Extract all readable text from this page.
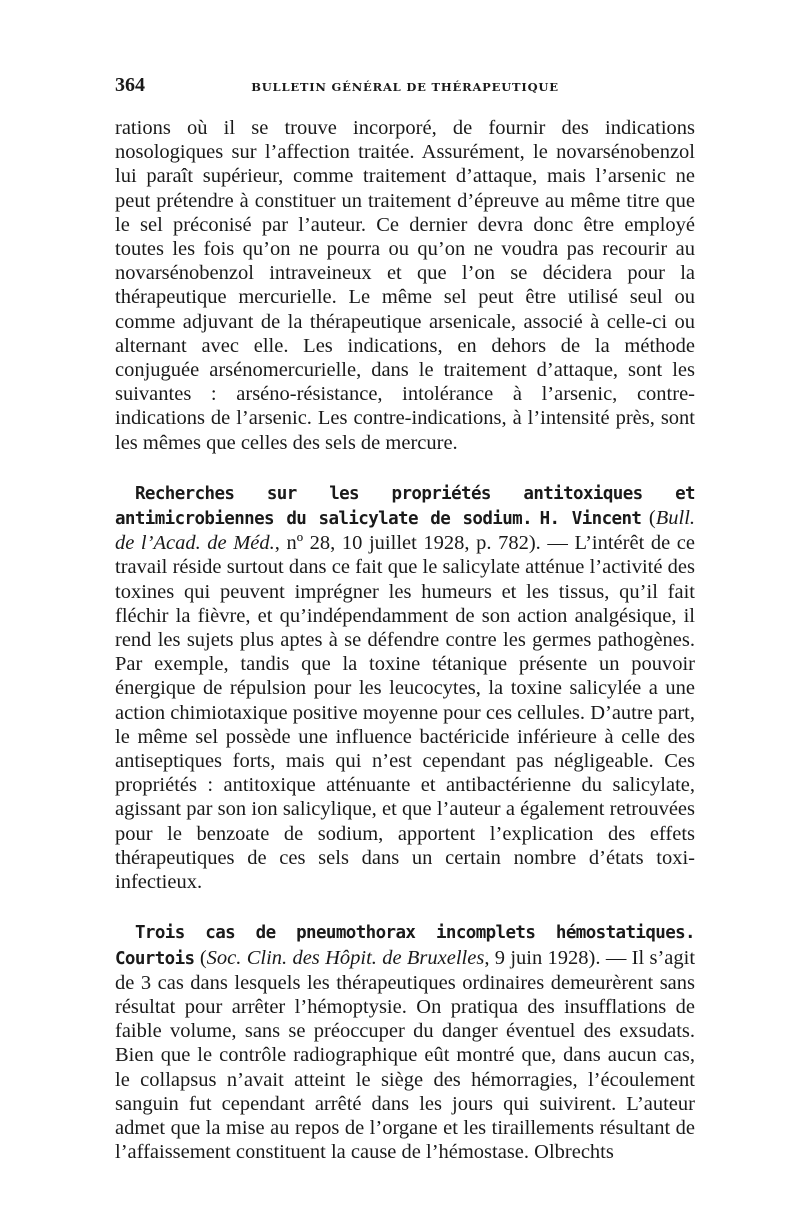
364	BULLETIN GÉNÉRAL DE THÉRAPEUTIQUE

rations où il se trouve incorporé, de fournir des indications nosologiques sur l’affection traitée. Assurément, le novarsénobenzol lui paraît supérieur, comme traitement d’attaque, mais l’arsenic ne peut prétendre à constituer un traitement d’épreuve au même titre que le sel préconisé par l’auteur. Ce dernier devra donc être employé toutes les fois qu’on ne pourra ou qu’on ne voudra pas recourir au novarsénobenzol intraveineux et que l’on se décidera pour la thérapeutique mercurielle. Le même sel peut être utilisé seul ou comme adjuvant de la thérapeutique arsenicale, associé à celle-ci ou alternant avec elle. Les indications, en dehors de la méthode conjuguée arsénomercurielle, dans le traitement d’attaque, sont les suivantes : arséno-résistance, intolérance à l’arsenic, contre-indications de l’arsenic. Les contre-indications, à l’intensité près, sont les mêmes que celles des sels de mercure.

Recherches sur les propriétés antitoxiques et antimicrobiennes du salicylate de sodium. H. Vincent (Bull. de l’Acad. de Méd., nº 28, 10 juillet 1928, p. 782). — L’intérêt de ce travail réside surtout dans ce fait que le salicylate atténue l’activité des toxines qui peuvent imprégner les humeurs et les tissus, qu’il fait fléchir la fièvre, et qu’indépendamment de son action analgésique, il rend les sujets plus aptes à se défendre contre les germes pathogènes. Par exemple, tandis que la toxine tétanique présente un pouvoir énergique de répulsion pour les leucocytes, la toxine salicylée a une action chimiotaxique positive moyenne pour ces cellules. D’autre part, le même sel possède une influence bactéricide inférieure à celle des antiseptiques forts, mais qui n’est cependant pas négligeable. Ces propriétés : antitoxique atténuante et antibactérienne du salicylate, agissant par son ion salicylique, et que l’auteur a également retrouvées pour le benzoate de sodium, apportent l’explication des effets thérapeutiques de ces sels dans un certain nombre d’états toxi-infectieux.

Trois cas de pneumothorax incomplets hémostatiques. Courtois (Soc. Clin. des Hôpit. de Bruxelles, 9 juin 1928). — Il s’agit de 3 cas dans lesquels les thérapeutiques ordinaires demeurèrent sans résultat pour arrêter l’hémoptysie. On pratiqua des insufflations de faible volume, sans se préoccuper du danger éventuel des exsudats. Bien que le contrôle radiographique eût montré que, dans aucun cas, le collapsus n’avait atteint le siège des hémorragies, l’écoulement sanguin fut cependant arrêté dans les jours qui suivirent. L’auteur admet que la mise au repos de l’organe et les tiraillements résultant de l’affaissement constituent la cause de l’hémostase. Olbrechts
